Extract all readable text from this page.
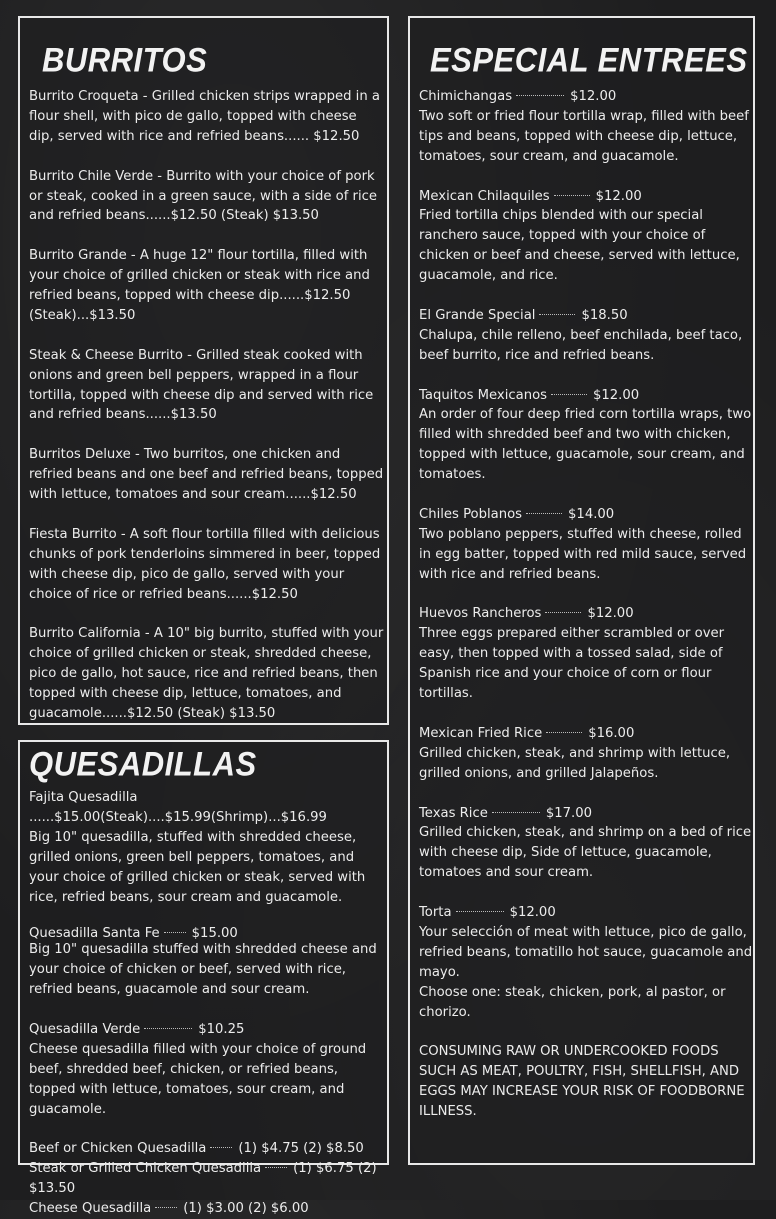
BURRITOS

Burrito Croqueta - Grilled chicken strips wrapped in a flour shell, with pico de gallo, topped with cheese dip, served with rice and refried beans...... $12.50

Burrito Chile Verde - Burrito with your choice of pork or steak, cooked in a green sauce, with a side of rice and refried beans......$12.50 (Steak) $13.50

Burrito Grande - A huge 12" flour tortilla, filled with your choice of grilled chicken or steak with rice and refried beans, topped with cheese dip......$12.50 (Steak)...$13.50

Steak & Cheese Burrito - Grilled steak cooked with onions and green bell peppers, wrapped in a flour tortilla, topped with cheese dip and served with rice and refried beans......$13.50

Burritos Deluxe - Two burritos, one chicken and refried beans and one beef and refried beans, topped with lettuce, tomatoes and sour cream......$12.50

Fiesta Burrito - A soft flour tortilla filled with delicious chunks of pork tenderloins simmered in beer, topped with cheese dip, pico de gallo, served with your choice of rice or refried beans......$12.50

Burrito California - A 10" big burrito, stuffed with your choice of grilled chicken or steak, shredded cheese, pico de gallo, hot sauce, rice and refried beans, then topped with cheese dip, lettuce, tomatoes, and guacamole......$12.50 (Steak) $13.50

QUESADILLAS
Fajita Quesadilla ......$15.00(Steak)....$15.99(Shrimp)...$16.99
Big 10" quesadilla, stuffed with shredded cheese, grilled onions, green bell peppers, tomatoes, and your choice of grilled chicken or steak, served with rice, refried beans, sour cream and guacamole.
Quesadilla Santa Fe $15.00
Big 10" quesadilla stuffed with shredded cheese and your choice of chicken or beef, served with rice, refried beans, guacamole and sour cream.
Quesadilla Verde	$10.25
Cheese quesadilla filled with your choice of ground beef, shredded beef, chicken, or refried beans, topped with lettuce, tomatoes, sour cream, and guacamole.
Beef or Chicken Quesadilla (1) $4.75 (2) $8.50
Steak or Grilled Chicken Quesadilla (1) $6.75 (2) $13.50
Cheese Quesadilla (1) $3.00 (2) $6.00
ESPECIAL ENTREES
Chimichangas	$12.00
Two soft or fried flour tortilla wrap, filled with beef tips and beans, topped with cheese dip, lettuce, tomatoes, sour cream, and guacamole.
Mexican Chilaquiles	$12.00
Fried tortilla chips blended with our special ranchero sauce, topped with your choice of chicken or beef and cheese, served with lettuce, guacamole, and rice.
El Grande Special	$18.50
Chalupa, chile relleno, beef enchilada, beef taco, beef burrito, rice and refried beans.
Taquitos Mexicanos	$12.00
An order of four deep fried corn tortilla wraps, two filled with shredded beef and two with chicken, topped with lettuce, guacamole, sour cream, and tomatoes.
Chiles Poblanos	$14.00
Two poblano peppers, stuffed with cheese, rolled in egg batter, topped with red mild sauce, served with rice and refried beans.
Huevos Rancheros	$12.00
Three eggs prepared either scrambled or over easy, then topped with a tossed salad, side of Spanish rice and your choice of corn or flour tortillas.
Mexican Fried Rice	$16.00
Grilled chicken, steak, and shrimp with lettuce, grilled onions, and grilled Jalapeños.
Texas Rice	$17.00
Grilled chicken, steak, and shrimp on a bed of rice with cheese dip, Side of lettuce, guacamole, tomatoes and sour cream.
Torta	$12.00
Your selección of meat with lettuce, pico de gallo, refried beans, tomatillo hot sauce, guacamole and mayo.
Choose one: steak, chicken, pork, al pastor, or chorizo.

CONSUMING RAW OR UNDERCOOKED FOODS SUCH AS MEAT, POULTRY, FISH, SHELLFISH, AND EGGS MAY INCREASE YOUR RISK OF FOODBORNE ILLNESS.
